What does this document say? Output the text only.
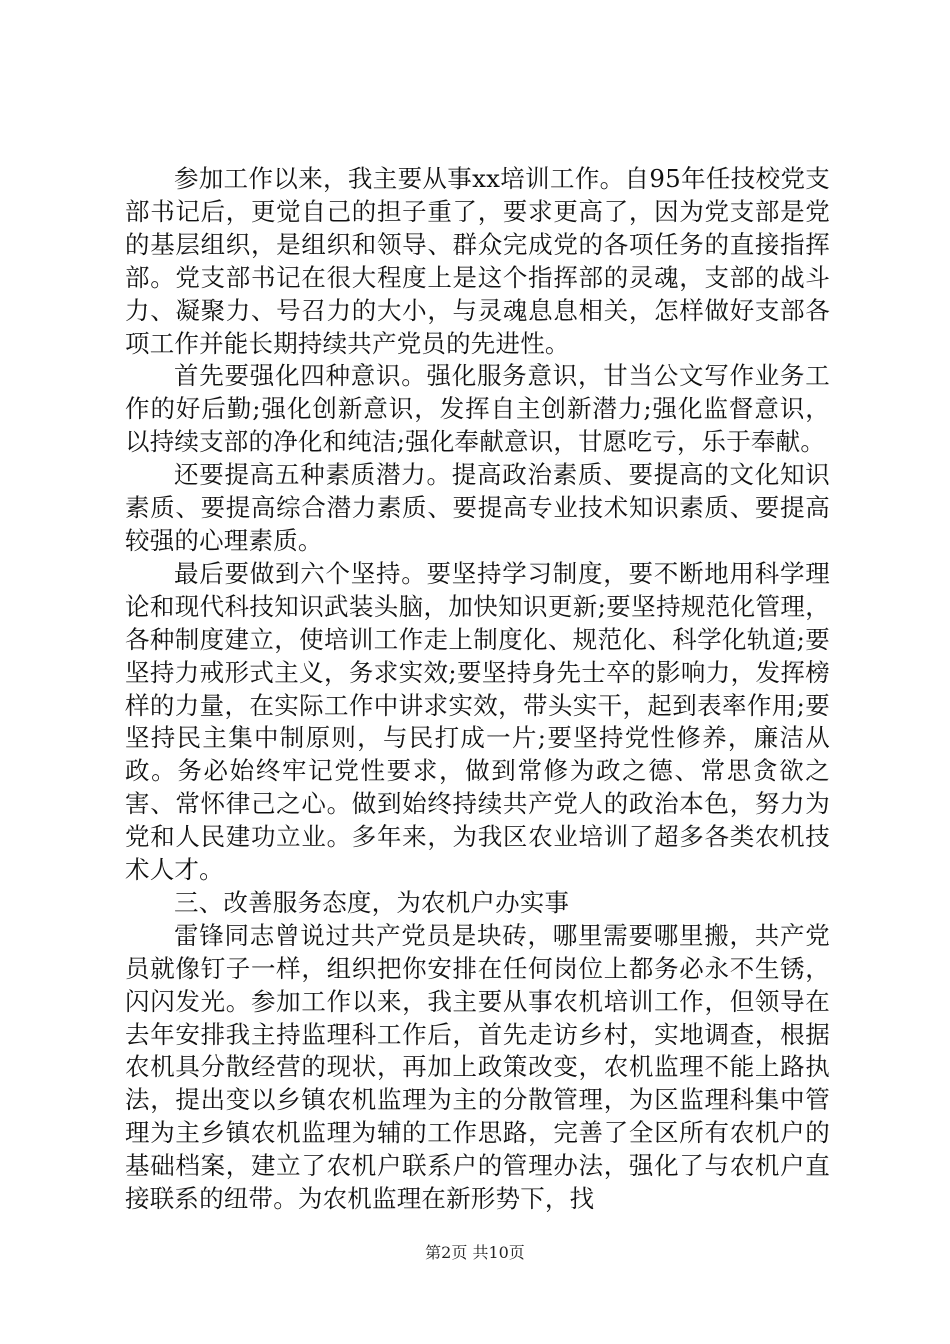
参加工作以来，我主要从事xx培训工作。自95年任技校党支部书记后，更觉自己的担子重了，要求更高了，因为党支部是党的基层组织，是组织和领导、群众完成党的各项任务的直接指挥部。党支部书记在很大程度上是这个指挥部的灵魂，支部的战斗力、凝聚力、号召力的大小，与灵魂息息相关，怎样做好支部各项工作并能长期持续共产党员的先进性。

首先要强化四种意识。强化服务意识，甘当公文写作业务工作的好后勤;强化创新意识，发挥自主创新潜力;强化监督意识，以持续支部的净化和纯洁;强化奉献意识，甘愿吃亏，乐于奉献。

还要提高五种素质潜力。提高政治素质、要提高的文化知识素质、要提高综合潜力素质、要提高专业技术知识素质、要提高较强的心理素质。

最后要做到六个坚持。要坚持学习制度，要不断地用科学理论和现代科技知识武装头脑，加快知识更新;要坚持规范化管理，各种制度建立，使培训工作走上制度化、规范化、科学化轨道;要坚持力戒形式主义，务求实效;要坚持身先士卒的影响力，发挥榜样的力量，在实际工作中讲求实效，带头实干，起到表率作用;要坚持民主集中制原则，与民打成一片;要坚持党性修养，廉洁从政。务必始终牢记党性要求，做到常修为政之德、常思贪欲之害、常怀律己之心。做到始终持续共产党人的政治本色，努力为党和人民建功立业。多年来，为我区农业培训了超多各类农机技术人才。

三、改善服务态度，为农机户办实事

雷锋同志曾说过共产党员是块砖，哪里需要哪里搬，共产党员就像钉子一样，组织把你安排在任何岗位上都务必永不生锈，闪闪发光。参加工作以来，我主要从事农机培训工作，但领导在去年安排我主持监理科工作后，首先走访乡村，实地调查，根据农机具分散经营的现状，再加上政策改变，农机监理不能上路执法，提出变以乡镇农机监理为主的分散管理，为区监理科集中管理为主乡镇农机监理为辅的工作思路，完善了全区所有农机户的基础档案，建立了农机户联系户的管理办法，强化了与农机户直接联系的纽带。为农机监理在新形势下，找

第2页 共10页
